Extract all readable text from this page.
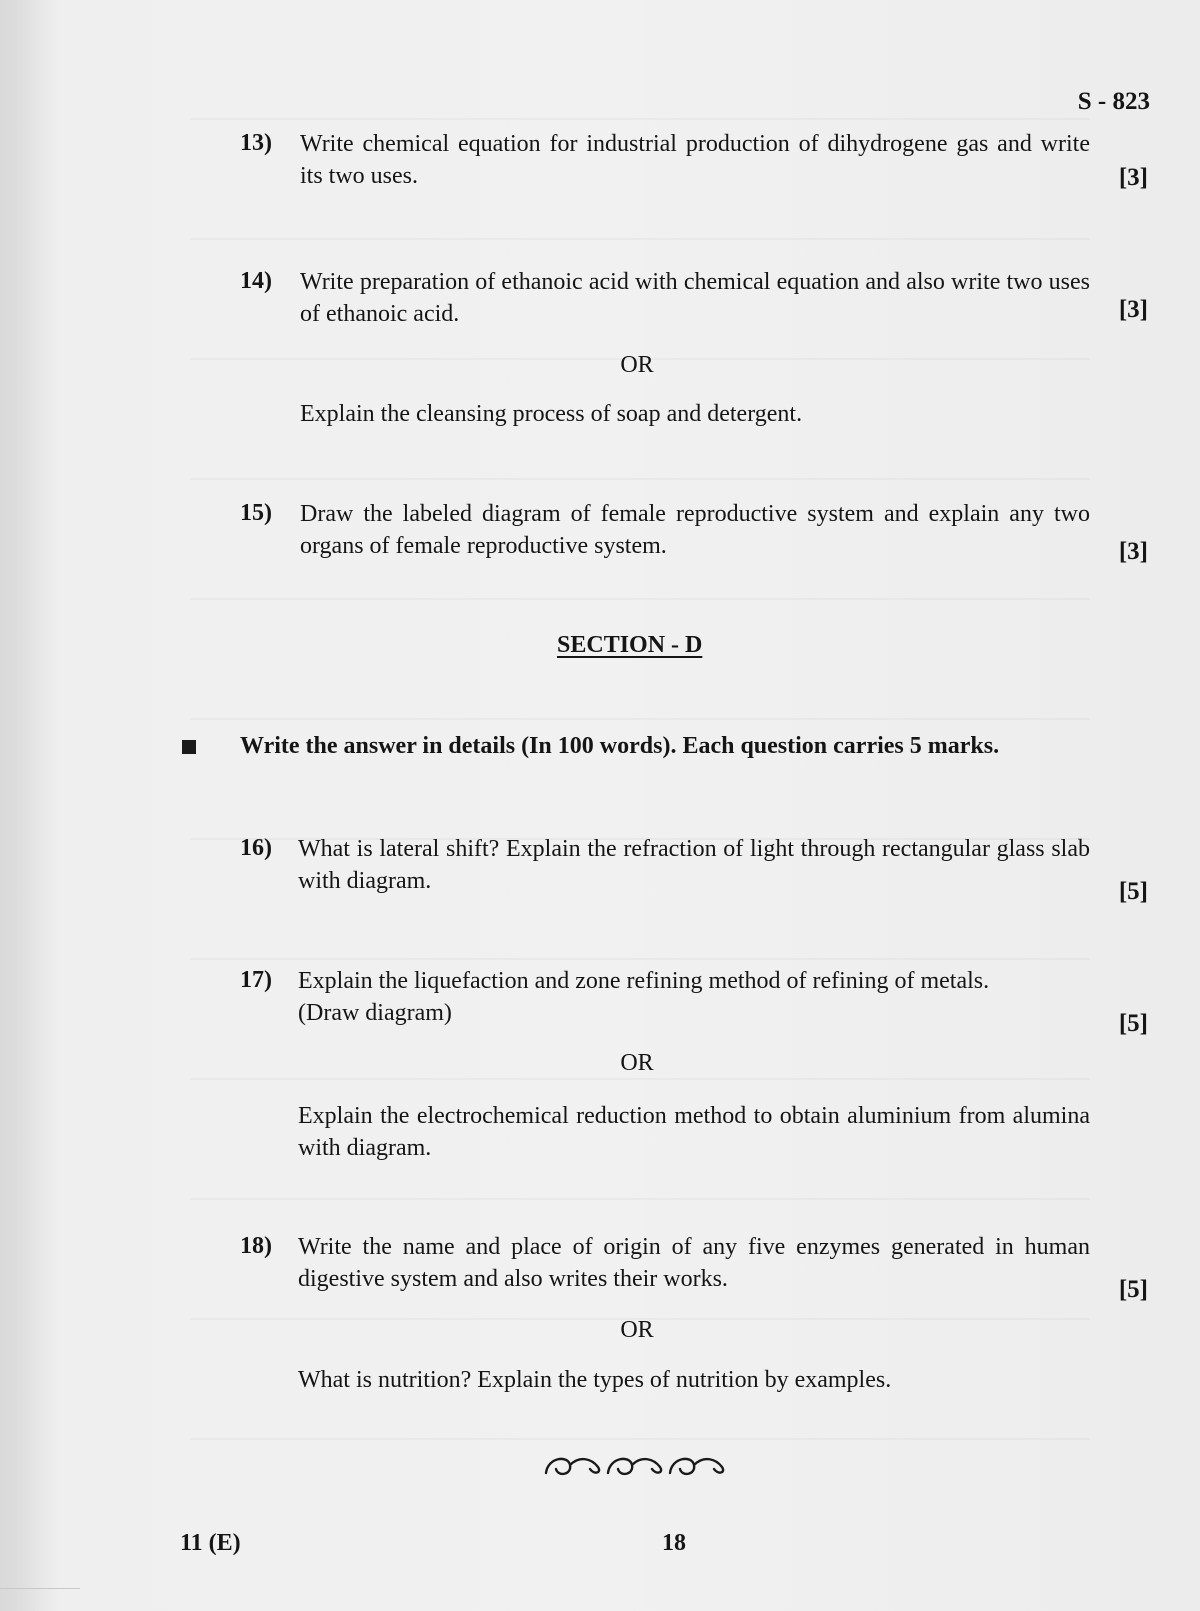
S - 823
13)	Write chemical equation for industrial production of dihydrogene gas and write its two uses.	[3]
14)	Write preparation of ethanoic acid with chemical equation and also write two uses of ethanoic acid.	[3]
OR
Explain the cleansing process of soap and detergent.
15)	Draw the labeled diagram of female reproductive system and explain any two organs of female reproductive system.	[3]
SECTION - D
Write the answer in details (In 100 words). Each question carries 5 marks.
16)	What is lateral shift? Explain the refraction of light through rectangular glass slab with diagram.	[5]
17)	Explain the liquefaction and zone refining method of refining of metals.
(Draw diagram)	[5]
OR
Explain the electrochemical reduction method to obtain aluminium from alumina with diagram.
18)	Write the name and place of origin of any five enzymes generated in human digestive system and also writes their works.	[5]
OR
What is nutrition? Explain the types of nutrition by examples.
11 (E)	18
